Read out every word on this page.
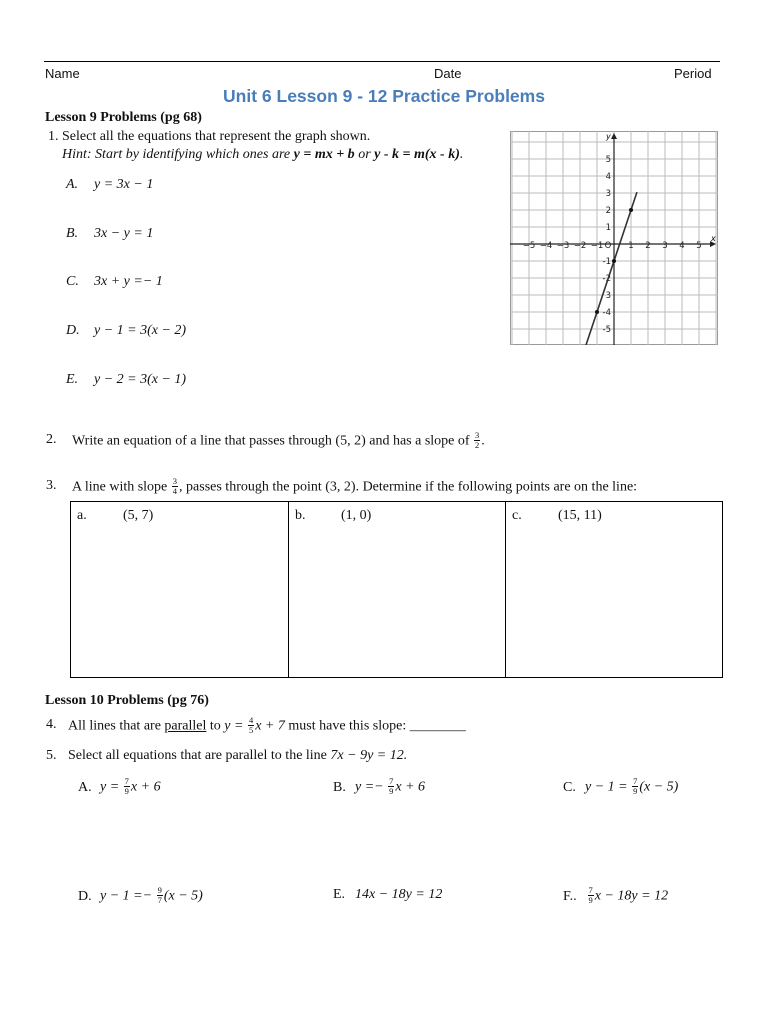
Name	Date	Period
Unit 6 Lesson 9 - 12 Practice Problems
Lesson 9 Problems (pg 68)
1. Select all the equations that represent the graph shown.
Hint: Start by identifying which ones are y = mx + b or y - k = m(x - k).
A. y = 3x − 1
B. 3x − y = 1
C. 3x + y =− 1
D. y − 1 = 3(x − 2)
E. y − 2 = 3(x − 1)
x
y
−5 −4 −3 −2 −1 O 1 2 3 4 5
5
4
3
2
1
-1
-2
3
-4
-5
2. Write an equation of a line that passes through (5, 2) and has a slope of $\frac{3}{2}$ .
3. A line with slope $\frac{3}{4}$ , passes through the point (3, 2). Determine if the following points are on the line:
a.	(5, 7)	b.	(1, 0)	c.	(15, 11)
Lesson 10 Problems (pg 76)
4. All lines that are parallel to $y = \frac{4}{5}$ x + 7 must have this slope: ________
5. Select all equations that are parallel to the line 7x − 9y = 12.
A. $y = \frac{7}{9}$ x + 6	B. $y =- \frac{7}{9}$ x + 6	C. $y - 1 = \frac{7}{9} (x - 5)$
D. $y - 1 =- \frac{9}{7} (x - 5)$	E. 14x − 18y = 12	F.. $\frac{7}{9}$ x − 18y = 12
